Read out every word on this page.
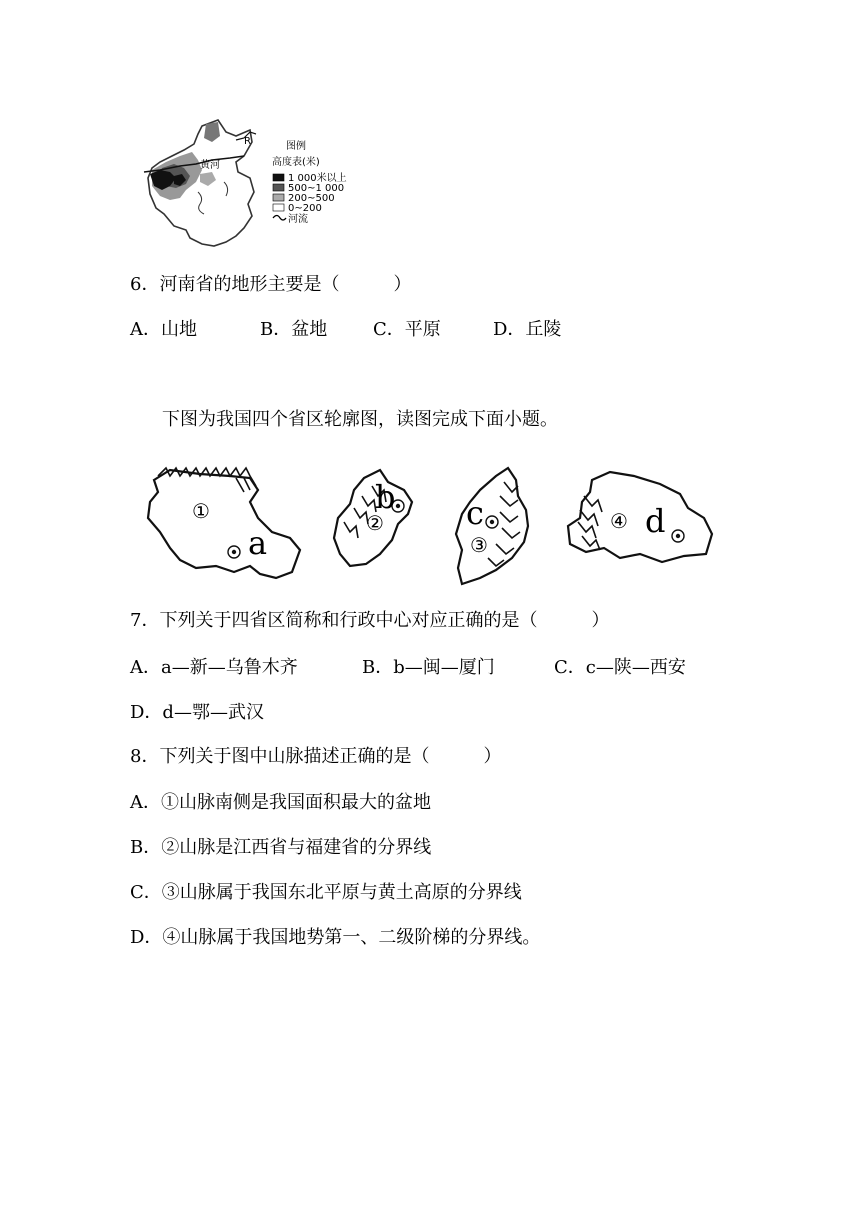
R
黄河
图例
高度表(米)
1 000米以上
500~1 000
200~500
0~200
河流
6．河南省的地形主要是（　　　）
A．山地	B．盆地	C．平原	D．丘陵
下图为我国四个省区轮廓图，读图完成下面小题。
①
a
b
②	c
③
④ d
7．下列关于四省区简称和行政中心对应正确的是（　　　）
A．a—新—乌鲁木齐	B．b—闽—厦门	C．c—陕—西安
D．d—鄂—武汉
8．下列关于图中山脉描述正确的是（　　　）
A．①山脉南侧是我国面积最大的盆地
B．②山脉是江西省与福建省的分界线
C．③山脉属于我国东北平原与黄土高原的分界线
D．④山脉属于我国地势第一、二级阶梯的分界线。
